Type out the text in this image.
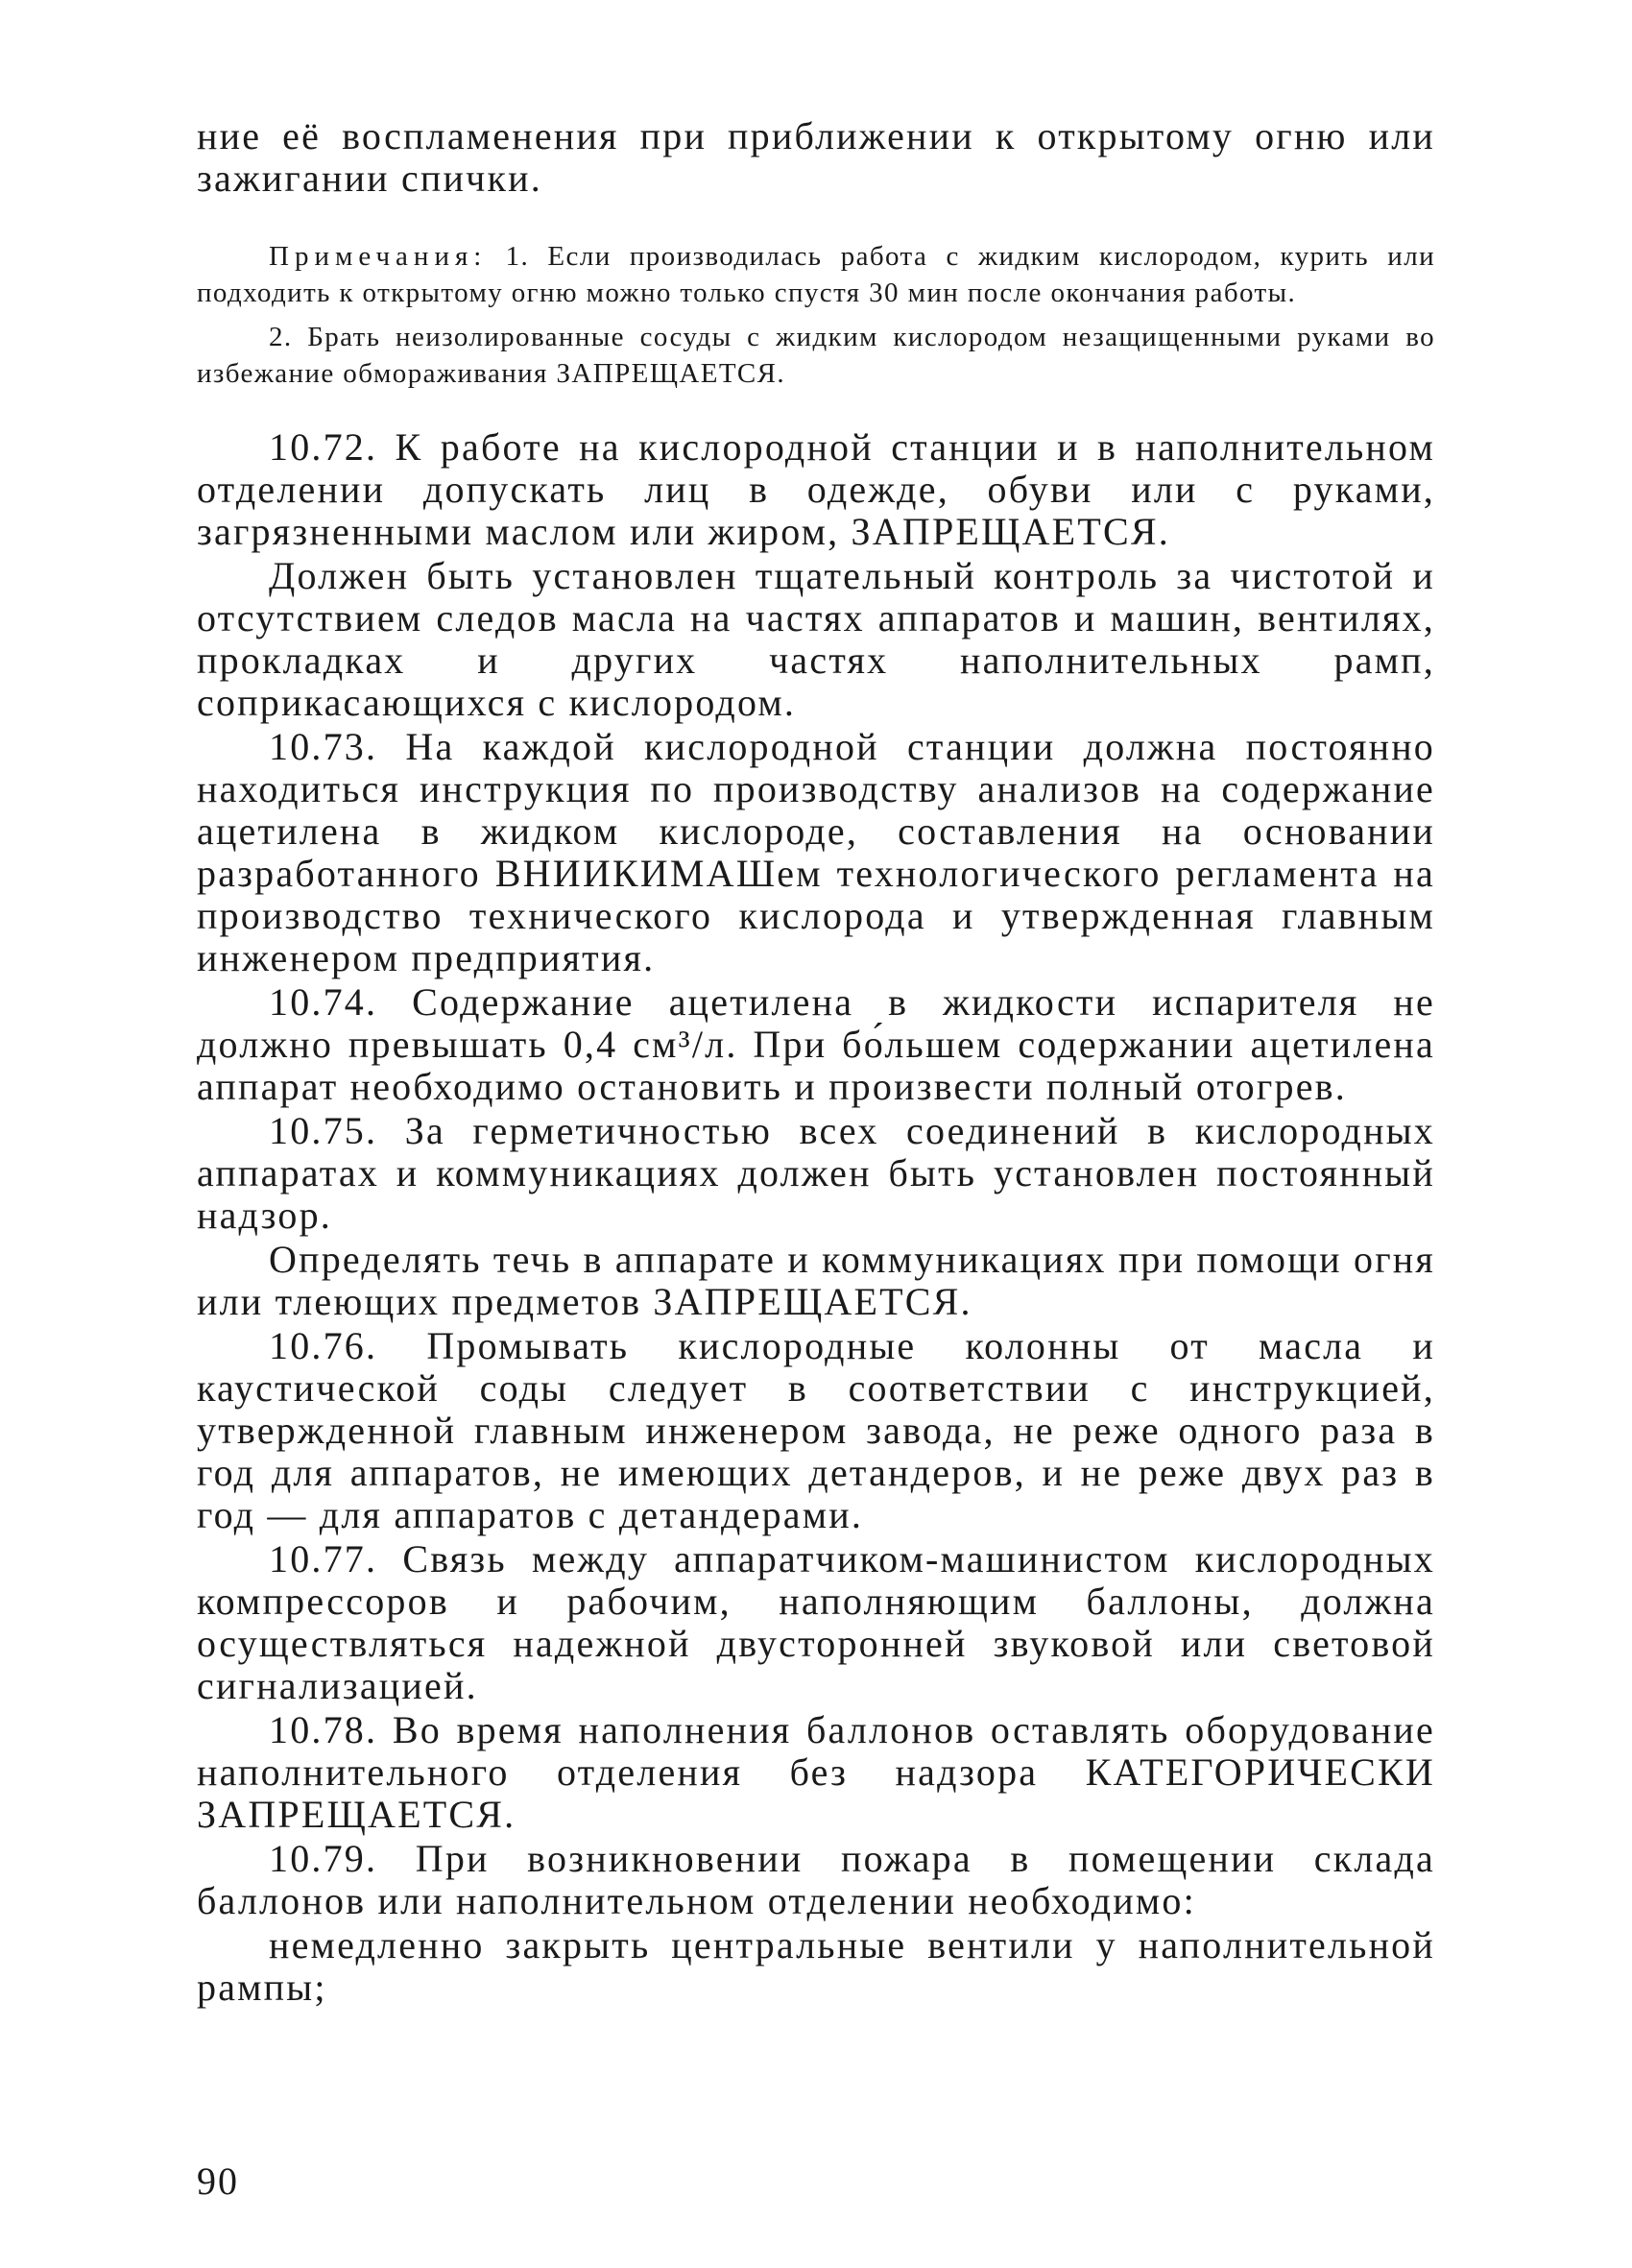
ние её воспламенения при приближении к открытому огню или зажигании спички.

Примечания: 1. Если производилась работа с жидким кислородом, курить или подходить к открытому огню можно только спустя 30 мин после окончания работы.

2. Брать неизолированные сосуды с жидким кислородом незащищенными руками во избежание обмораживания ЗАПРЕЩАЕТСЯ.

10.72. К работе на кислородной станции и в наполнительном отделении допускать лиц в одежде, обуви или с руками, загрязненными маслом или жиром, ЗАПРЕЩАЕТСЯ.

Должен быть установлен тщательный контроль за чистотой и отсутствием следов масла на частях аппаратов и машин, вентилях, прокладках и других частях наполнительных рамп, соприкасающихся с кислородом.

10.73. На каждой кислородной станции должна постоянно находиться инструкция по производству анализов на содержание ацетилена в жидком кислороде, составления на основании разработанного ВНИИКИМАШем технологического регламента на производство технического кислорода и утвержденная главным инженером предприятия.

10.74. Содержание ацетилена в жидкости испарителя не должно превышать 0,4 см³/л. При бо́льшем содержании ацетилена аппарат необходимо остановить и произвести полный отогрев.

10.75. За герметичностью всех соединений в кислородных аппаратах и коммуникациях должен быть установлен постоянный надзор.

Определять течь в аппарате и коммуникациях при помощи огня или тлеющих предметов ЗАПРЕЩАЕТСЯ.

10.76. Промывать кислородные колонны от масла и каустической соды следует в соответствии с инструкцией, утвержденной главным инженером завода, не реже одного раза в год для аппаратов, не имеющих детандеров, и не реже двух раз в год — для аппаратов с детандерами.

10.77. Связь между аппаратчиком-машинистом кислородных компрессоров и рабочим, наполняющим баллоны, должна осуществляться надежной двусторонней звуковой или световой сигнализацией.

10.78. Во время наполнения баллонов оставлять оборудование наполнительного отделения без надзора КАТЕГОРИЧЕСКИ ЗАПРЕЩАЕТСЯ.

10.79. При возникновении пожара в помещении склада баллонов или наполнительном отделении необходимо:

немедленно закрыть центральные вентили у наполнительной рампы;

90
